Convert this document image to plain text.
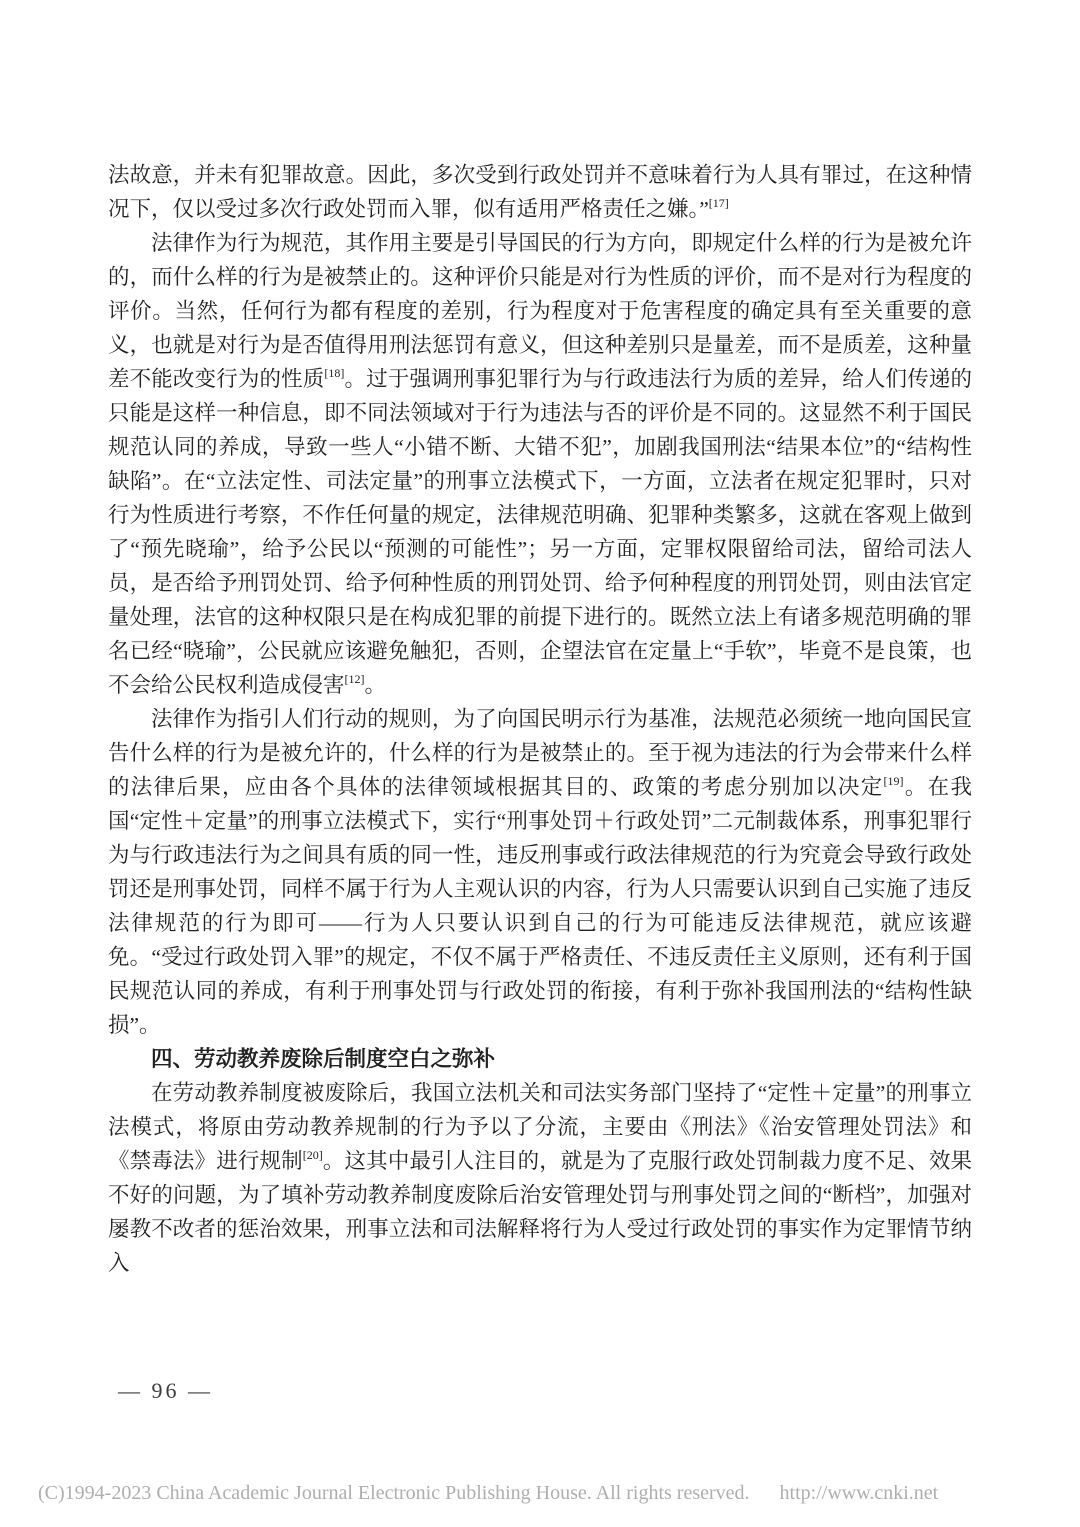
法故意，并未有犯罪故意。因此，多次受到行政处罚并不意味着行为人具有罪过，在这种情况下，仅以受过多次行政处罚而入罪，似有适用严格责任之嫌。”[17]

法律作为行为规范，其作用主要是引导国民的行为方向，即规定什么样的行为是被允许的，而什么样的行为是被禁止的。这种评价只能是对行为性质的评价，而不是对行为程度的评价。当然，任何行为都有程度的差别，行为程度对于危害程度的确定具有至关重要的意义，也就是对行为是否值得用刑法惩罚有意义，但这种差别只是量差，而不是质差，这种量差不能改变行为的性质[18]。过于强调刑事犯罪行为与行政违法行为质的差异，给人们传递的只能是这样一种信息，即不同法领域对于行为违法与否的评价是不同的。这显然不利于国民规范认同的养成，导致一些人“小错不断、大错不犯”，加剧我国刑法“结果本位”的“结构性缺陷”。在“立法定性、司法定量”的刑事立法模式下，一方面，立法者在规定犯罪时，只对行为性质进行考察，不作任何量的规定，法律规范明确、犯罪种类繁多，这就在客观上做到了“预先晓瑜”，给予公民以“预测的可能性”；另一方面，定罪权限留给司法，留给司法人员，是否给予刑罚处罚、给予何种性质的刑罚处罚、给予何种程度的刑罚处罚，则由法官定量处理，法官的这种权限只是在构成犯罪的前提下进行的。既然立法上有诸多规范明确的罪名已经“晓瑜”，公民就应该避免触犯，否则，企望法官在定量上“手软”，毕竟不是良策，也不会给公民权利造成侵害[12]。

法律作为指引人们行动的规则，为了向国民明示行为基准，法规范必须统一地向国民宣告什么样的行为是被允许的，什么样的行为是被禁止的。至于视为违法的行为会带来什么样的法律后果，应由各个具体的法律领域根据其目的、政策的考虑分别加以决定[19]。在我国“定性＋定量”的刑事立法模式下，实行“刑事处罚＋行政处罚”二元制裁体系，刑事犯罪行为与行政违法行为之间具有质的同一性，违反刑事或行政法律规范的行为究竟会导致行政处罚还是刑事处罚，同样不属于行为人主观认识的内容，行为人只需要认识到自己实施了违反法律规范的行为即可——行为人只要认识到自己的行为可能违反法律规范，就应该避免。“受过行政处罚入罪”的规定，不仅不属于严格责任、不违反责任主义原则，还有利于国民规范认同的养成，有利于刑事处罚与行政处罚的衔接，有利于弥补我国刑法的“结构性缺损”。

四、劳动教养废除后制度空白之弥补

在劳动教养制度被废除后，我国立法机关和司法实务部门坚持了“定性＋定量”的刑事立法模式，将原由劳动教养规制的行为予以了分流，主要由《刑法》《治安管理处罚法》和《禁毒法》进行规制[20]。这其中最引人注目的，就是为了克服行政处罚制裁力度不足、效果不好的问题，为了填补劳动教养制度废除后治安管理处罚与刑事处罚之间的“断档”，加强对屡教不改者的惩治效果，刑事立法和司法解释将行为人受过行政处罚的事实作为定罪情节纳入

— 96 —
(C)1994-2023 China Academic Journal Electronic Publishing House. All rights reserved. http://www.cnki.net
